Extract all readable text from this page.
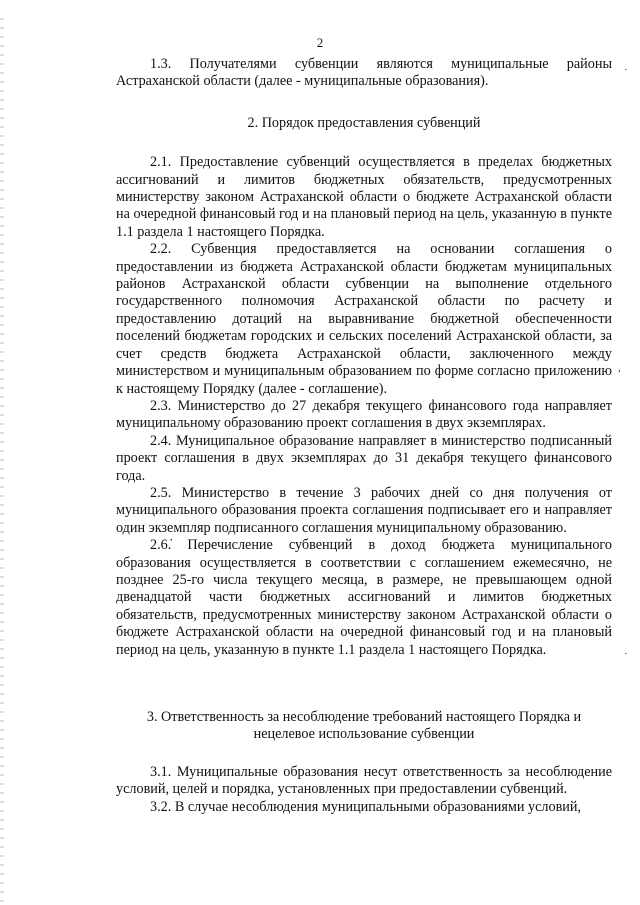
2

1.3. Получателями субвенции являются муниципальные районы Астраханской области (далее - муниципальные образования).

2. Порядок предоставления субвенций

2.1. Предоставление субвенций осуществляется в пределах бюджетных ассигнований и лимитов бюджетных обязательств, предусмотренных министерству законом Астраханской области о бюджете Астраханской области на очередной финансовый год и на плановый период на цель, указанную в пункте 1.1 раздела 1 настоящего Порядка.

2.2. Субвенция предоставляется на основании соглашения о предоставлении из бюджета Астраханской области бюджетам муниципальных районов Астраханской области субвенции на выполнение отдельного государственного полномочия Астраханской области по расчету и предоставлению дотаций на выравнивание бюджетной обеспеченности поселений бюджетам городских и сельских поселений Астраханской области, за счет средств бюджета Астраханской области, заключенного между министерством и муниципальным образованием по форме согласно приложению к настоящему Порядку (далее - соглашение).

2.3. Министерство до 27 декабря текущего финансового года направляет муниципальному образованию проект соглашения в двух экземплярах.

2.4. Муниципальное образование направляет в министерство подписанный проект соглашения в двух экземплярах до 31 декабря текущего финансового года.

2.5. Министерство в течение 3 рабочих дней со дня получения от муниципального образования проекта соглашения подписывает его и направляет один экземпляр подписанного соглашения муниципальному образованию.

2.6.̇ Перечисление субвенций в доход бюджета муниципального образования осуществляется в соответствии с соглашением ежемесячно, не позднее 25-го числа текущего месяца, в размере, не превышающем одной двенадцатой части бюджетных ассигнований и лимитов бюджетных обязательств, предусмотренных министерству законом Астраханской области о бюджете Астраханской области на очередной финансовый год и на плановый период на цель, указанную в пункте 1.1 раздела 1 настоящего Порядка.

3. Ответственность за несоблюдение требований настоящего Порядка и

нецелевое использование субвенции

3.1. Муниципальные образования несут ответственность за несоблюдение условий, целей и порядка, установленных при предоставлении субвенций.

3.2. В случае несоблюдения муниципальными образованиями условий,

·
,
·
